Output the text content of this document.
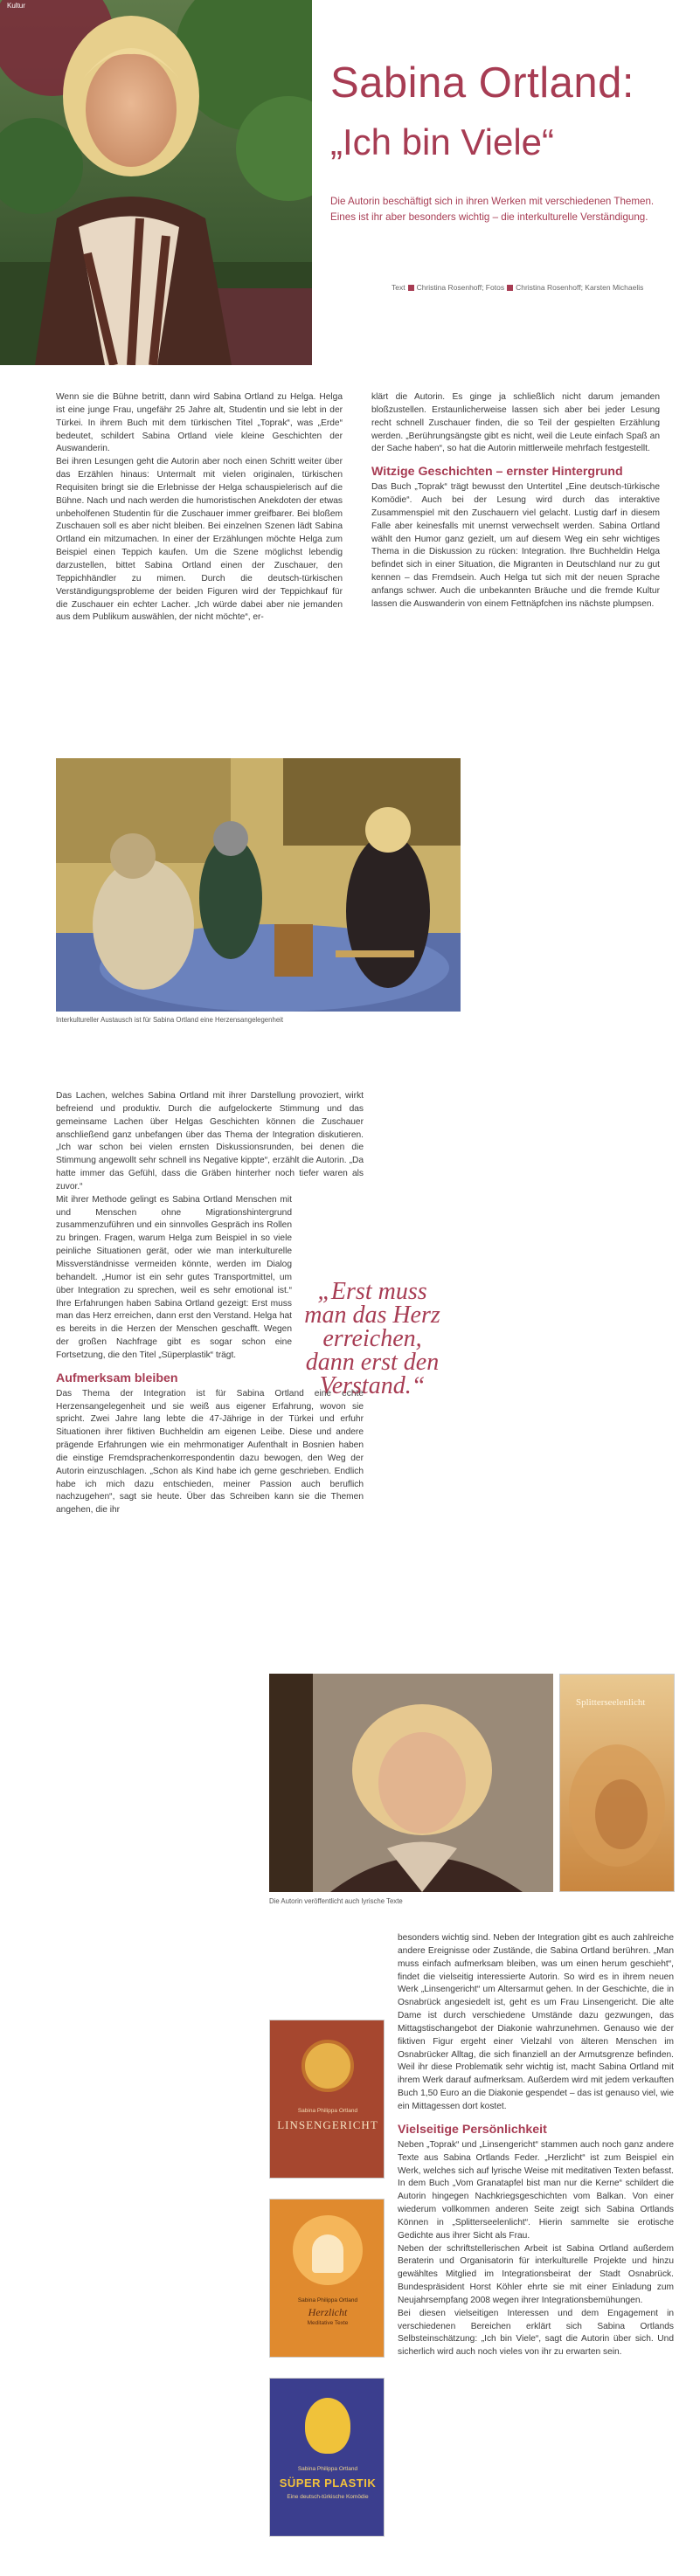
Kultur
Sabina Ortland:
„Ich bin Viele“
Die Autorin beschäftigt sich in ihren Werken mit verschiedenen Themen. Eines ist ihr aber besonders wichtig – die interkulturelle Verständigung.
Text Christina Rosenhoff; Fotos Christina Rosenhoff; Karsten Michaelis

Wenn sie die Bühne betritt, dann wird Sabina Ortland zu Helga. Helga ist eine junge Frau, ungefähr 25 Jahre alt, Studentin und sie lebt in der Türkei. In ihrem Buch mit dem türkischen Titel „Toprak“, was „Erde“ bedeutet, schildert Sabina Ortland viele kleine Geschichten der Auswanderin.

Bei ihren Lesungen geht die Autorin aber noch einen Schritt weiter über das Erzählen hinaus: Untermalt mit vielen originalen, türkischen Requisiten bringt sie die Erlebnisse der Helga schauspielerisch auf die Bühne. Nach und nach werden die humoristischen Anekdoten der etwas unbeholfenen Studentin für die Zuschauer immer greifbarer. Bei bloßem Zuschauen soll es aber nicht bleiben. Bei einzelnen Szenen lädt Sabina Ortland ein mitzumachen. In einer der Erzählungen möchte Helga zum Beispiel einen Teppich kaufen. Um die Szene möglichst lebendig darzustellen, bittet Sabina Ortland einen der Zuschauer, den Teppichhändler zu mimen. Durch die deutsch-türkischen Verständigungsprobleme der beiden Figuren wird der Teppichkauf für die Zuschauer ein echter Lacher. „Ich würde dabei aber nie jemanden aus dem Publikum auswählen, der nicht möchte“, er-

klärt die Autorin. Es ginge ja schließlich nicht darum jemanden bloßzustellen. Erstaunlicherweise lassen sich aber bei jeder Lesung recht schnell Zuschauer finden, die so Teil der gespielten Erzählung werden. „Berührungsängste gibt es nicht, weil die Leute einfach Spaß an der Sache haben“, so hat die Autorin mittlerweile mehrfach festgestellt.

Witzige Geschichten – ernster Hintergrund

Das Buch „Toprak“ trägt bewusst den Untertitel „Eine deutsch-türkische Komödie“. Auch bei der Lesung wird durch das interaktive Zusammenspiel mit den Zuschauern viel gelacht. Lustig darf in diesem Falle aber keinesfalls mit unernst verwechselt werden. Sabina Ortland wählt den Humor ganz gezielt, um auf diesem Weg ein sehr wichtiges Thema in die Diskussion zu rücken: Integration. Ihre Buchheldin Helga befindet sich in einer Situation, die Migranten in Deutschland nur zu gut kennen – das Fremdsein. Auch Helga tut sich mit der neuen Sprache anfangs schwer. Auch die unbekannten Bräuche und die fremde Kultur lassen die Auswanderin von einem Fettnäpfchen ins nächste plumpsen.

Interkultureller Austausch ist für Sabina Ortland eine Herzensangelegenheit

Das Lachen, welches Sabina Ortland mit ihrer Darstellung provoziert, wirkt befreiend und produktiv. Durch die aufgelockerte Stimmung und das gemeinsame Lachen über Helgas Geschichten können die Zuschauer anschließend ganz unbefangen über das Thema der Integration diskutieren. „Ich war schon bei vielen ernsten Diskussionsrunden, bei denen die Stimmung angewollt sehr schnell ins Negative kippte“, erzählt die Autorin. „Da hatte immer das Gefühl, dass die Gräben hinterher noch tiefer waren als zuvor.“

Mit ihrer Methode gelingt es Sabina Ortland Menschen mit und Menschen ohne Migrationshintergrund zusammenzuführen und ein sinnvolles Gespräch ins Rollen zu bringen. Fragen, warum Helga zum Beispiel in so viele peinliche Situationen gerät, oder wie man interkulturelle Missverständnisse vermeiden könnte, werden im Dialog behandelt. „Humor ist ein sehr gutes Transportmittel, um über Integration zu sprechen, weil es sehr emotional ist.“ Ihre Erfahrungen haben Sabina Ortland gezeigt: Erst muss man das Herz erreichen, dann erst den Verstand. Helga hat es bereits in die Herzen der Menschen geschafft. Wegen der großen Nachfrage gibt es sogar schon eine Fortsetzung, die den Titel „Süperplastik“ trägt.

Aufmerksam bleiben

Das Thema der Integration ist für Sabina Ortland eine echte Herzensangelegenheit und sie weiß aus eigener Erfahrung, wovon sie spricht. Zwei Jahre lang lebte die 47-Jährige in der Türkei und erfuhr Situationen ihrer fiktiven Buchheldin am eigenen Leibe. Diese und andere prägende Erfahrungen wie ein mehrmonatiger Aufenthalt in Bosnien haben die einstige Fremdsprachenkorrespondentin dazu bewogen, den Weg der Autorin einzuschlagen. „Schon als Kind habe ich gerne geschrieben. Endlich habe ich mich dazu entschieden, meiner Passion auch beruflich nachzugehen“, sagt sie heute. Über das Schreiben kann sie die Themen angehen, die ihr

„Erst muss
man das Herz
erreichen,
dann erst den
Verstand.“
Splitterseelenlicht
Die Autorin veröffentlicht auch lyrische Texte
Sabina Philippa Ortland
LINSENGERICHT
Sabina Philippa Ortland
Herzlicht
Meditative Texte
Sabina Philippa Ortland
SÜPER PLASTIK
Eine deutsch-türkische Komödie

besonders wichtig sind. Neben der Integration gibt es auch zahlreiche andere Ereignisse oder Zustände, die Sabina Ortland berühren. „Man muss einfach aufmerksam bleiben, was um einen herum geschieht“, findet die vielseitig interessierte Autorin. So wird es in ihrem neuen Werk „Linsengericht“ um Altersarmut gehen. In der Geschichte, die in Osnabrück angesiedelt ist, geht es um Frau Linsengericht. Die alte Dame ist durch verschiedene Umstände dazu gezwungen, das Mittagstischangebot der Diakonie wahrzunehmen. Genauso wie der fiktiven Figur ergeht einer Vielzahl von älteren Menschen im Osnabrücker Alltag, die sich finanziell an der Armutsgrenze befinden. Weil ihr diese Problematik sehr wichtig ist, macht Sabina Ortland mit ihrem Werk darauf aufmerksam. Außerdem wird mit jedem verkauften Buch 1,50 Euro an die Diakonie gespendet – das ist genauso viel, wie ein Mittagessen dort kostet.

Vielseitige Persönlichkeit

Neben „Toprak“ und „Linsengericht“ stammen auch noch ganz andere Texte aus Sabina Ortlands Feder. „Herzlicht“ ist zum Beispiel ein Werk, welches sich auf lyrische Weise mit meditativen Texten befasst. In dem Buch „Vom Granatapfel bist man nur die Kerne“ schildert die Autorin hingegen Nachkriegsgeschichten vom Balkan. Von einer wiederum vollkommen anderen Seite zeigt sich Sabina Ortlands Können in „Splitterseelenlicht“. Hierin sammelte sie erotische Gedichte aus ihrer Sicht als Frau.

Neben der schriftstellerischen Arbeit ist Sabina Ortland außerdem Beraterin und Organisatorin für interkulturelle Projekte und hinzu gewähltes Mitglied im Integrationsbeirat der Stadt Osnabrück. Bundespräsident Horst Köhler ehrte sie mit einer Einladung zum Neujahrsempfang 2008 wegen ihrer Integrationsbemühungen.

Bei diesen vielseitigen Interessen und dem Engagement in verschiedenen Bereichen erklärt sich Sabina Ortlands Selbsteinschätzung: „Ich bin Viele“, sagt die Autorin über sich. Und sicherlich wird auch noch vieles von ihr zu erwarten sein.
